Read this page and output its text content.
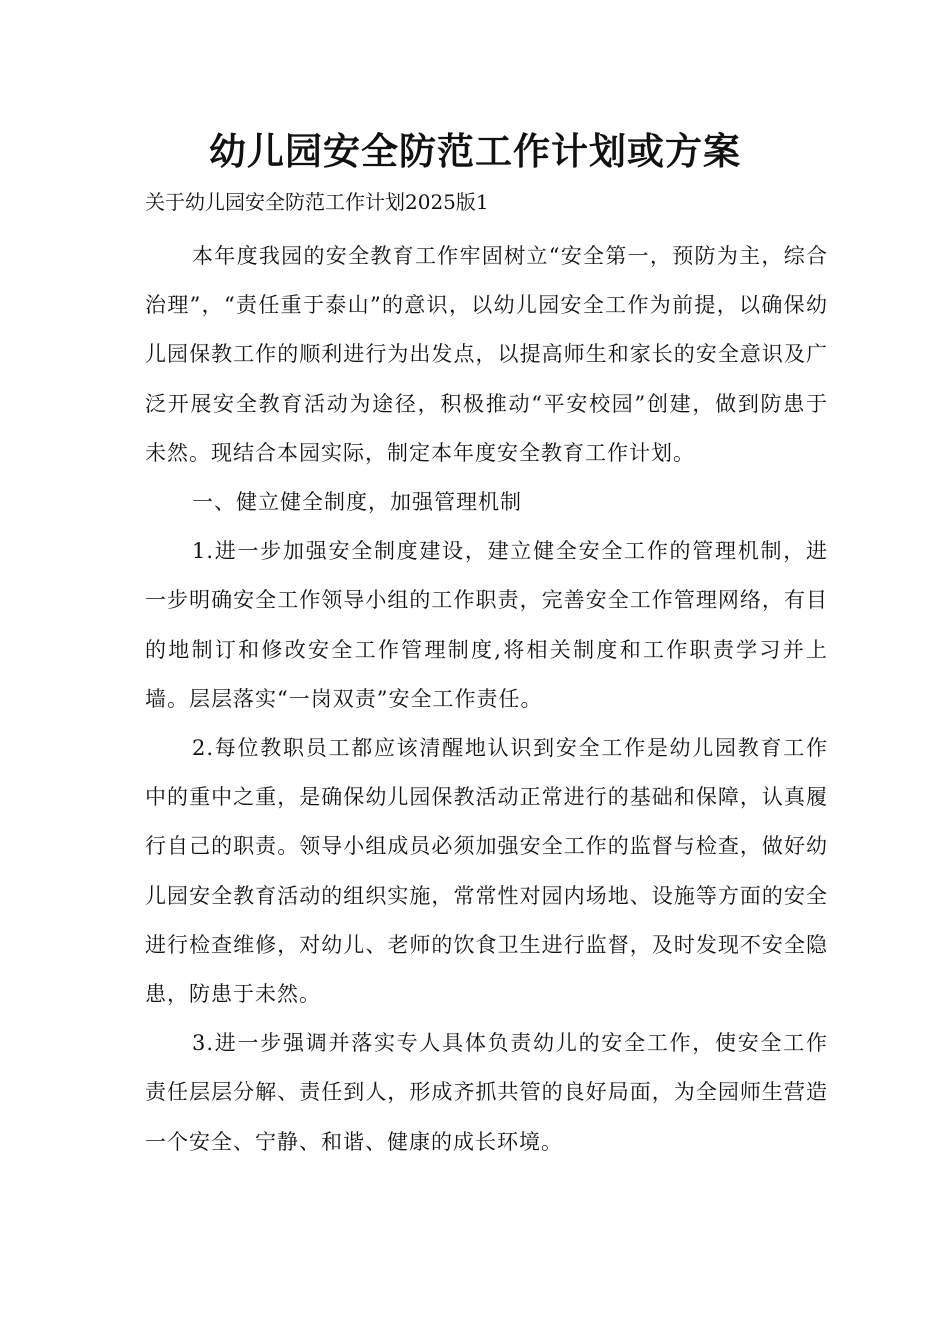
幼儿园安全防范工作计划或方案
关于幼儿园安全防范工作计划2025版1

本年度我园的安全教育工作牢固树立“安全第一，预防为主，综合治理”，“责任重于泰山”的意识，以幼儿园安全工作为前提，以确保幼儿园保教工作的顺利进行为出发点，以提高师生和家长的安全意识及广泛开展安全教育活动为途径，积极推动“平安校园”创建，做到防患于未然。现结合本园实际，制定本年度安全教育工作计划。

一、健立健全制度，加强管理机制

1.进一步加强安全制度建设，建立健全安全工作的管理机制，进一步明确安全工作领导小组的工作职责，完善安全工作管理网络，有目的地制订和修改安全工作管理制度,将相关制度和工作职责学习并上墙。层层落实“一岗双责”安全工作责任。

2.每位教职员工都应该清醒地认识到安全工作是幼儿园教育工作中的重中之重，是确保幼儿园保教活动正常进行的基础和保障，认真履行自己的职责。领导小组成员必须加强安全工作的监督与检查，做好幼儿园安全教育活动的组织实施，常常性对园内场地、设施等方面的安全进行检查维修，对幼儿、老师的饮食卫生进行监督，及时发现不安全隐患，防患于未然。

3.进一步强调并落实专人具体负责幼儿的安全工作，使安全工作责任层层分解、责任到人，形成齐抓共管的良好局面，为全园师生营造一个安全、宁静、和谐、健康的成长环境。
